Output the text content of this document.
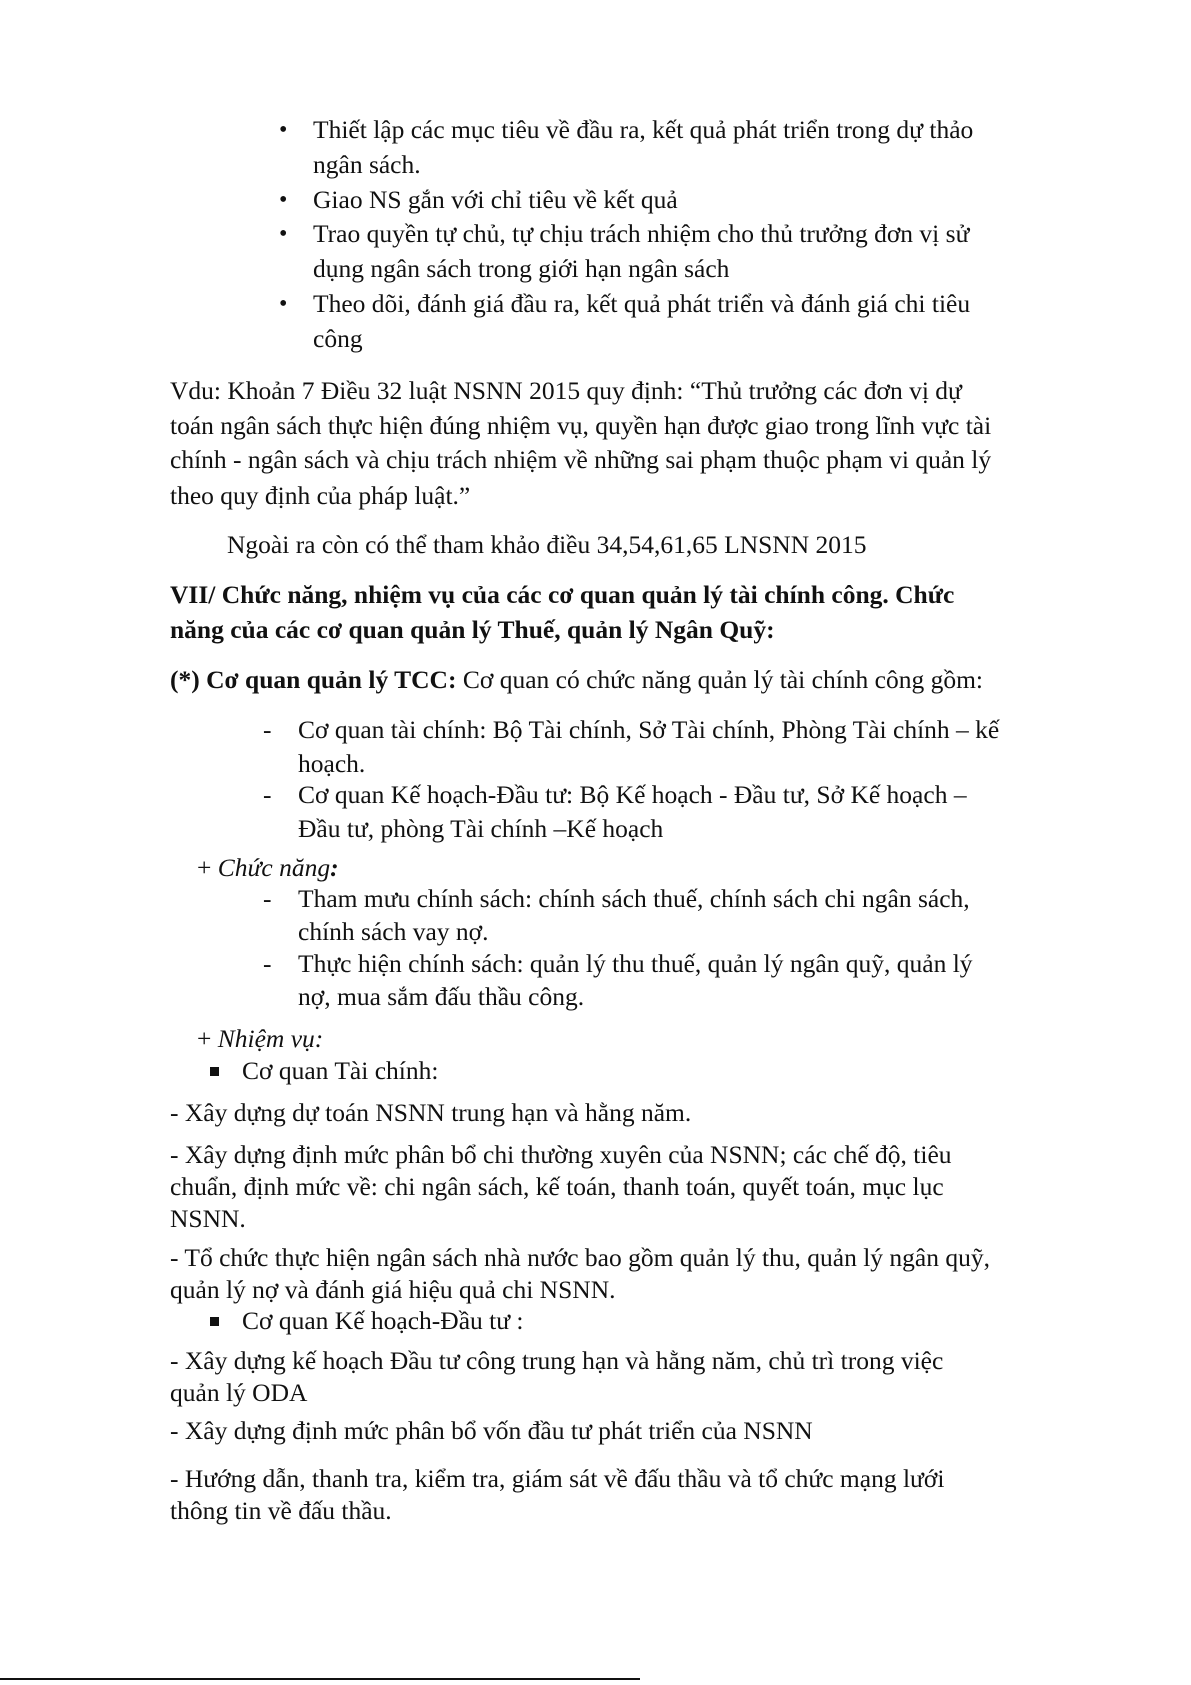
• Thiết lập các mục tiêu về đầu ra, kết quả phát triển trong dự thảo
ngân sách.
• Giao NS gắn với chỉ tiêu về kết quả
• Trao quyền tự chủ, tự chịu trách nhiệm cho thủ trưởng đơn vị sử
dụng ngân sách trong giới hạn ngân sách
• Theo dõi, đánh giá đầu ra, kết quả phát triển và đánh giá chi tiêu
công
Vdu: Khoản 7 Điều 32 luật NSNN 2015 quy định: “Thủ trưởng các đơn vị dự
toán ngân sách thực hiện đúng nhiệm vụ, quyền hạn được giao trong lĩnh vực tài
chính - ngân sách và chịu trách nhiệm về những sai phạm thuộc phạm vi quản lý
theo quy định của pháp luật.”
Ngoài ra còn có thể tham khảo điều 34,54,61,65 LNSNN 2015
VII/ Chức năng, nhiệm vụ của các cơ quan quản lý tài chính công. Chức
năng của các cơ quan quản lý Thuế, quản lý Ngân Quỹ:
(*) Cơ quan quản lý TCC: Cơ quan có chức năng quản lý tài chính công gồm:
- Cơ quan tài chính: Bộ Tài chính, Sở Tài chính, Phòng Tài chính – kế
hoạch.
- Cơ quan Kế hoạch-Đầu tư: Bộ Kế hoạch - Đầu tư, Sở Kế hoạch –
Đầu tư, phòng Tài chính –Kế hoạch
+ Chức năng:
- Tham mưu chính sách: chính sách thuế, chính sách chi ngân sách,
chính sách vay nợ.
- Thực hiện chính sách: quản lý thu thuế, quản lý ngân quỹ, quản lý
nợ, mua sắm đấu thầu công.
+ Nhiệm vụ:
Cơ quan Tài chính:
- Xây dựng dự toán NSNN trung hạn và hằng năm.
- Xây dựng định mức phân bổ chi thường xuyên của NSNN; các chế độ, tiêu
chuẩn, định mức về: chi ngân sách, kế toán, thanh toán, quyết toán, mục lục
NSNN.
- Tổ chức thực hiện ngân sách nhà nước bao gồm quản lý thu, quản lý ngân quỹ,
quản lý nợ và đánh giá hiệu quả chi NSNN.
Cơ quan Kế hoạch-Đầu tư :
- Xây dựng kế hoạch Đầu tư công trung hạn và hằng năm, chủ trì trong việc
quản lý ODA
- Xây dựng định mức phân bổ vốn đầu tư phát triển của NSNN
- Hướng dẫn, thanh tra, kiểm tra, giám sát về đấu thầu và tổ chức mạng lưới
thông tin về đấu thầu.
